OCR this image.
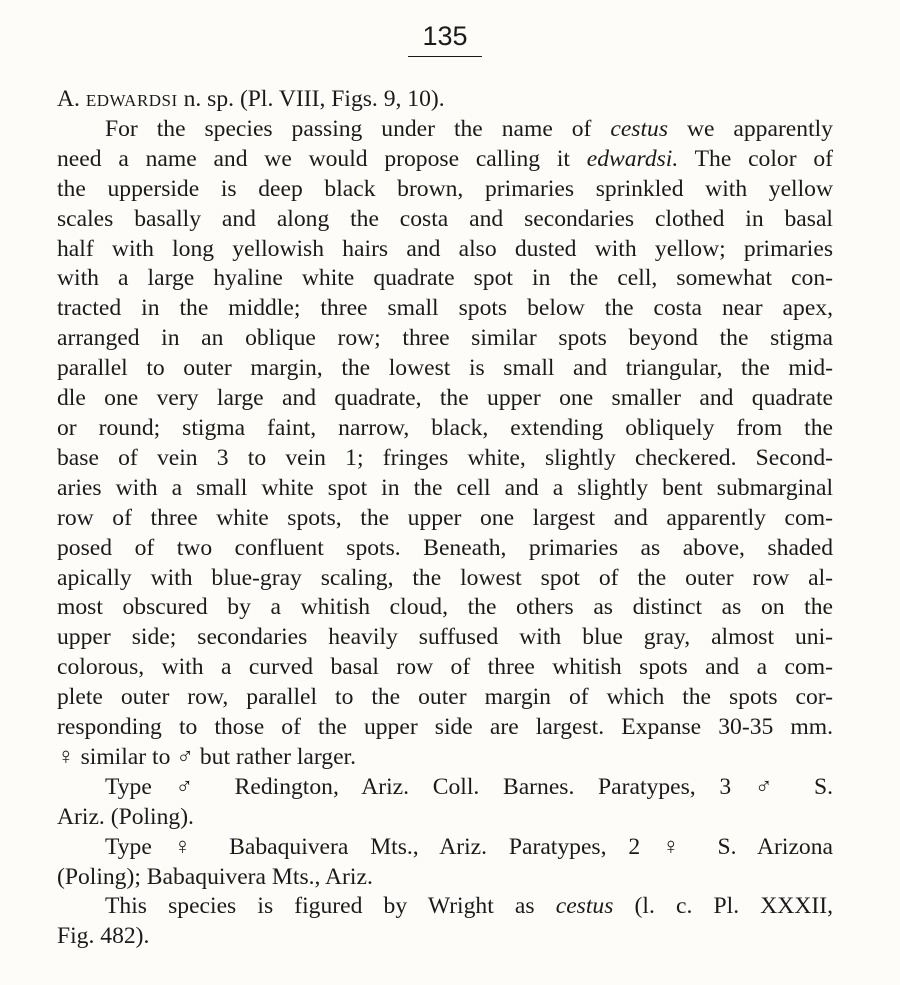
135
A. edwardsi n. sp. (Pl. VIII, Figs. 9, 10).
For the species passing under the name of cestus we apparently
need a name and we would propose calling it edwardsi. The color of
the upperside is deep black brown, primaries sprinkled with yellow
scales basally and along the costa and secondaries clothed in basal
half with long yellowish hairs and also dusted with yellow; primaries
with a large hyaline white quadrate spot in the cell, somewhat con-
tracted in the middle; three small spots below the costa near apex,
arranged in an oblique row; three similar spots beyond the stigma
parallel to outer margin, the lowest is small and triangular, the mid-
dle one very large and quadrate, the upper one smaller and quadrate
or round; stigma faint, narrow, black, extending obliquely from the
base of vein 3 to vein 1; fringes white, slightly checkered. Second-
aries with a small white spot in the cell and a slightly bent submarginal
row of three white spots, the upper one largest and apparently com-
posed of two confluent spots. Beneath, primaries as above, shaded
apically with blue-gray scaling, the lowest spot of the outer row al-
most obscured by a whitish cloud, the others as distinct as on the
upper side; secondaries heavily suffused with blue gray, almost uni-
colorous, with a curved basal row of three whitish spots and a com-
plete outer row, parallel to the outer margin of which the spots cor-
responding to those of the upper side are largest. Expanse 30-35 mm.
♀ similar to ♂ but rather larger.
Type ♂ Redington, Ariz. Coll. Barnes. Paratypes, 3 ♂ S.
Ariz. (Poling).
Type ♀ Babaquivera Mts., Ariz. Paratypes, 2 ♀ S. Arizona
(Poling); Babaquivera Mts., Ariz.
This species is figured by Wright as cestus (l. c. Pl. XXXII,
Fig. 482).
